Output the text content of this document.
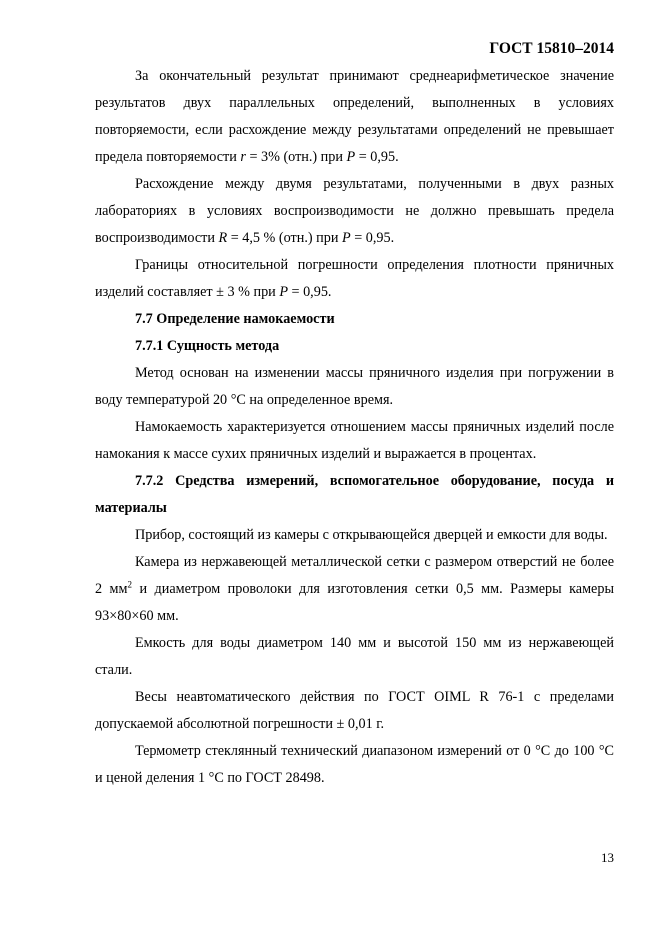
ГОСТ 15810–2014

За окончательный результат принимают среднеарифметическое значение результатов двух параллельных определений, выполненных в условиях повторяемости, если расхождение между результатами определений не превышает предела повторяемости r = 3% (отн.) при P = 0,95.

Расхождение между двумя результатами, полученными в двух разных лабораториях в условиях воспроизводимости не должно превышать предела воспроизводимости R = 4,5 % (отн.) при P = 0,95.

Границы относительной погрешности определения плотности пряничных изделий составляет ± 3 % при P = 0,95.

7.7 Определение намокаемости

7.7.1 Сущность метода

Метод основан на изменении массы пряничного изделия при погружении в воду температурой 20 °С на определенное время.

Намокаемость характеризуется отношением массы пряничных изделий после намокания к массе сухих пряничных изделий и выражается в процентах.

7.7.2 Средства измерений, вспомогательное оборудование, посуда и материалы

Прибор, состоящий из камеры с открывающейся дверцей и емкости для воды.

Камера из нержавеющей металлической сетки с размером отверстий не более 2 $мм^2$ и диаметром проволоки для изготовления сетки 0,5 мм. Размеры камеры 93×80×60 мм.

Емкость для воды диаметром 140 мм и высотой 150 мм из нержавеющей стали.

Весы неавтоматического действия по ГОСТ OIML R 76-1 с пределами допускаемой абсолютной погрешности ± 0,01 г.

Термометр стеклянный технический диапазоном измерений от 0 °С до 100 °С и ценой деления 1 °С по ГОСТ 28498.

13
